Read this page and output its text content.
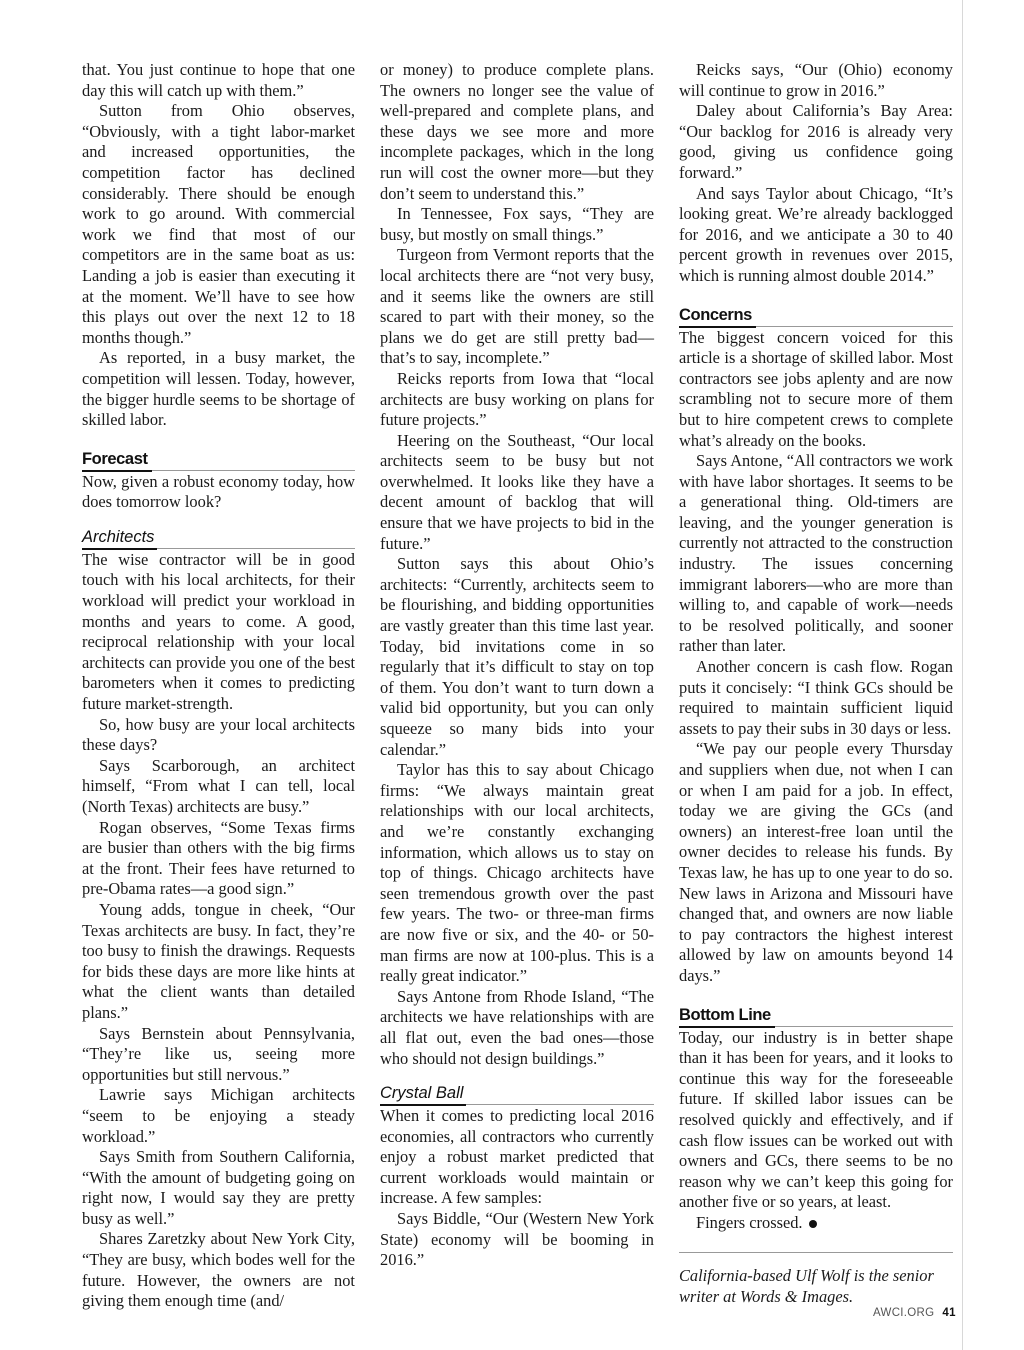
that. You just continue to hope that one day this will catch up with them.”

Sutton from Ohio observes, “Obviously, with a tight labor-market and increased opportunities, the competition factor has declined considerably. There should be enough work to go around. With commercial work we find that most of our competitors are in the same boat as us: Landing a job is easier than executing it at the moment. We’ll have to see how this plays out over the next 12 to 18 months though.”

As reported, in a busy market, the competition will lessen. Today, however, the bigger hurdle seems to be shortage of skilled labor.

Forecast

Now, given a robust economy today, how does tomorrow look?

Architects

The wise contractor will be in good touch with his local architects, for their workload will predict your workload in months and years to come. A good, reciprocal relationship with your local architects can provide you one of the best barometers when it comes to predicting future market-strength.

So, how busy are your local architects these days?

Says Scarborough, an architect himself, “From what I can tell, local (North Texas) architects are busy.”

Rogan observes, “Some Texas firms are busier than others with the big firms at the front. Their fees have returned to pre-Obama rates—a good sign.”

Young adds, tongue in cheek, “Our Texas architects are busy. In fact, they’re too busy to finish the drawings. Requests for bids these days are more like hints at what the client wants than detailed plans.”

Says Bernstein about Pennsylvania, “They’re like us, seeing more opportunities but still nervous.”

Lawrie says Michigan architects “seem to be enjoying a steady workload.”

Says Smith from Southern California, “With the amount of budgeting going on right now, I would say they are pretty busy as well.”

Shares Zaretzky about New York City, “They are busy, which bodes well for the future. However, the owners are not giving them enough time (and/

or money) to produce complete plans. The owners no longer see the value of well-prepared and complete plans, and these days we see more and more incomplete packages, which in the long run will cost the owner more—but they don’t seem to understand this.”

In Tennessee, Fox says, “They are busy, but mostly on small things.”

Turgeon from Vermont reports that the local architects there are “not very busy, and it seems like the owners are still scared to part with their money, so the plans we do get are still pretty bad—that’s to say, incomplete.”

Reicks reports from Iowa that “local architects are busy working on plans for future projects.”

Heering on the Southeast, “Our local architects seem to be busy but not overwhelmed. It looks like they have a decent amount of backlog that will ensure that we have projects to bid in the future.”

Sutton says this about Ohio’s architects: “Currently, architects seem to be flourishing, and bidding opportunities are vastly greater than this time last year. Today, bid invitations come in so regularly that it’s difficult to stay on top of them. You don’t want to turn down a valid bid opportunity, but you can only squeeze so many bids into your calendar.”

Taylor has this to say about Chicago firms: “We always maintain great relationships with our local architects, and we’re constantly exchanging information, which allows us to stay on top of things. Chicago architects have seen tremendous growth over the past few years. The two- or three-man firms are now five or six, and the 40- or 50-man firms are now at 100-plus. This is a really great indicator.”

Says Antone from Rhode Island, “The architects we have relationships with are all flat out, even the bad ones—those who should not design buildings.”

Crystal Ball

When it comes to predicting local 2016 economies, all contractors who currently enjoy a robust market predicted that current workloads would maintain or increase. A few samples:

Says Biddle, “Our (Western New York State) economy will be booming in 2016.”

Reicks says, “Our (Ohio) economy will continue to grow in 2016.”

Daley about California’s Bay Area: “Our backlog for 2016 is already very good, giving us confidence going forward.”

And says Taylor about Chicago, “It’s looking great. We’re already backlogged for 2016, and we anticipate a 30 to 40 percent growth in revenues over 2015, which is running almost double 2014.”

Concerns

The biggest concern voiced for this article is a shortage of skilled labor. Most contractors see jobs aplenty and are now scrambling not to secure more of them but to hire competent crews to complete what’s already on the books.

Says Antone, “All contractors we work with have labor shortages. It seems to be a generational thing. Old-timers are leaving, and the younger generation is currently not attracted to the construction industry. The issues concerning immigrant laborers—who are more than willing to, and capable of work—needs to be resolved politically, and sooner rather than later.

Another concern is cash flow. Rogan puts it concisely: “I think GCs should be required to maintain sufficient liquid assets to pay their subs in 30 days or less.

“We pay our people every Thursday and suppliers when due, not when I can or when I am paid for a job. In effect, today we are giving the GCs (and owners) an interest-free loan until the owner decides to release his funds. By Texas law, he has up to one year to do so. New laws in Arizona and Missouri have changed that, and owners are now liable to pay contractors the highest interest allowed by law on amounts beyond 14 days.”

Bottom Line

Today, our industry is in better shape than it has been for years, and it looks to continue this way for the foreseeable future. If skilled labor issues can be resolved quickly and effectively, and if cash flow issues can be worked out with owners and GCs, there seems to be no reason why we can’t keep this going for another five or so years, at least.

Fingers crossed.

California-based Ulf Wolf is the senior writer at Words & Images.

AWCI.ORG 41
